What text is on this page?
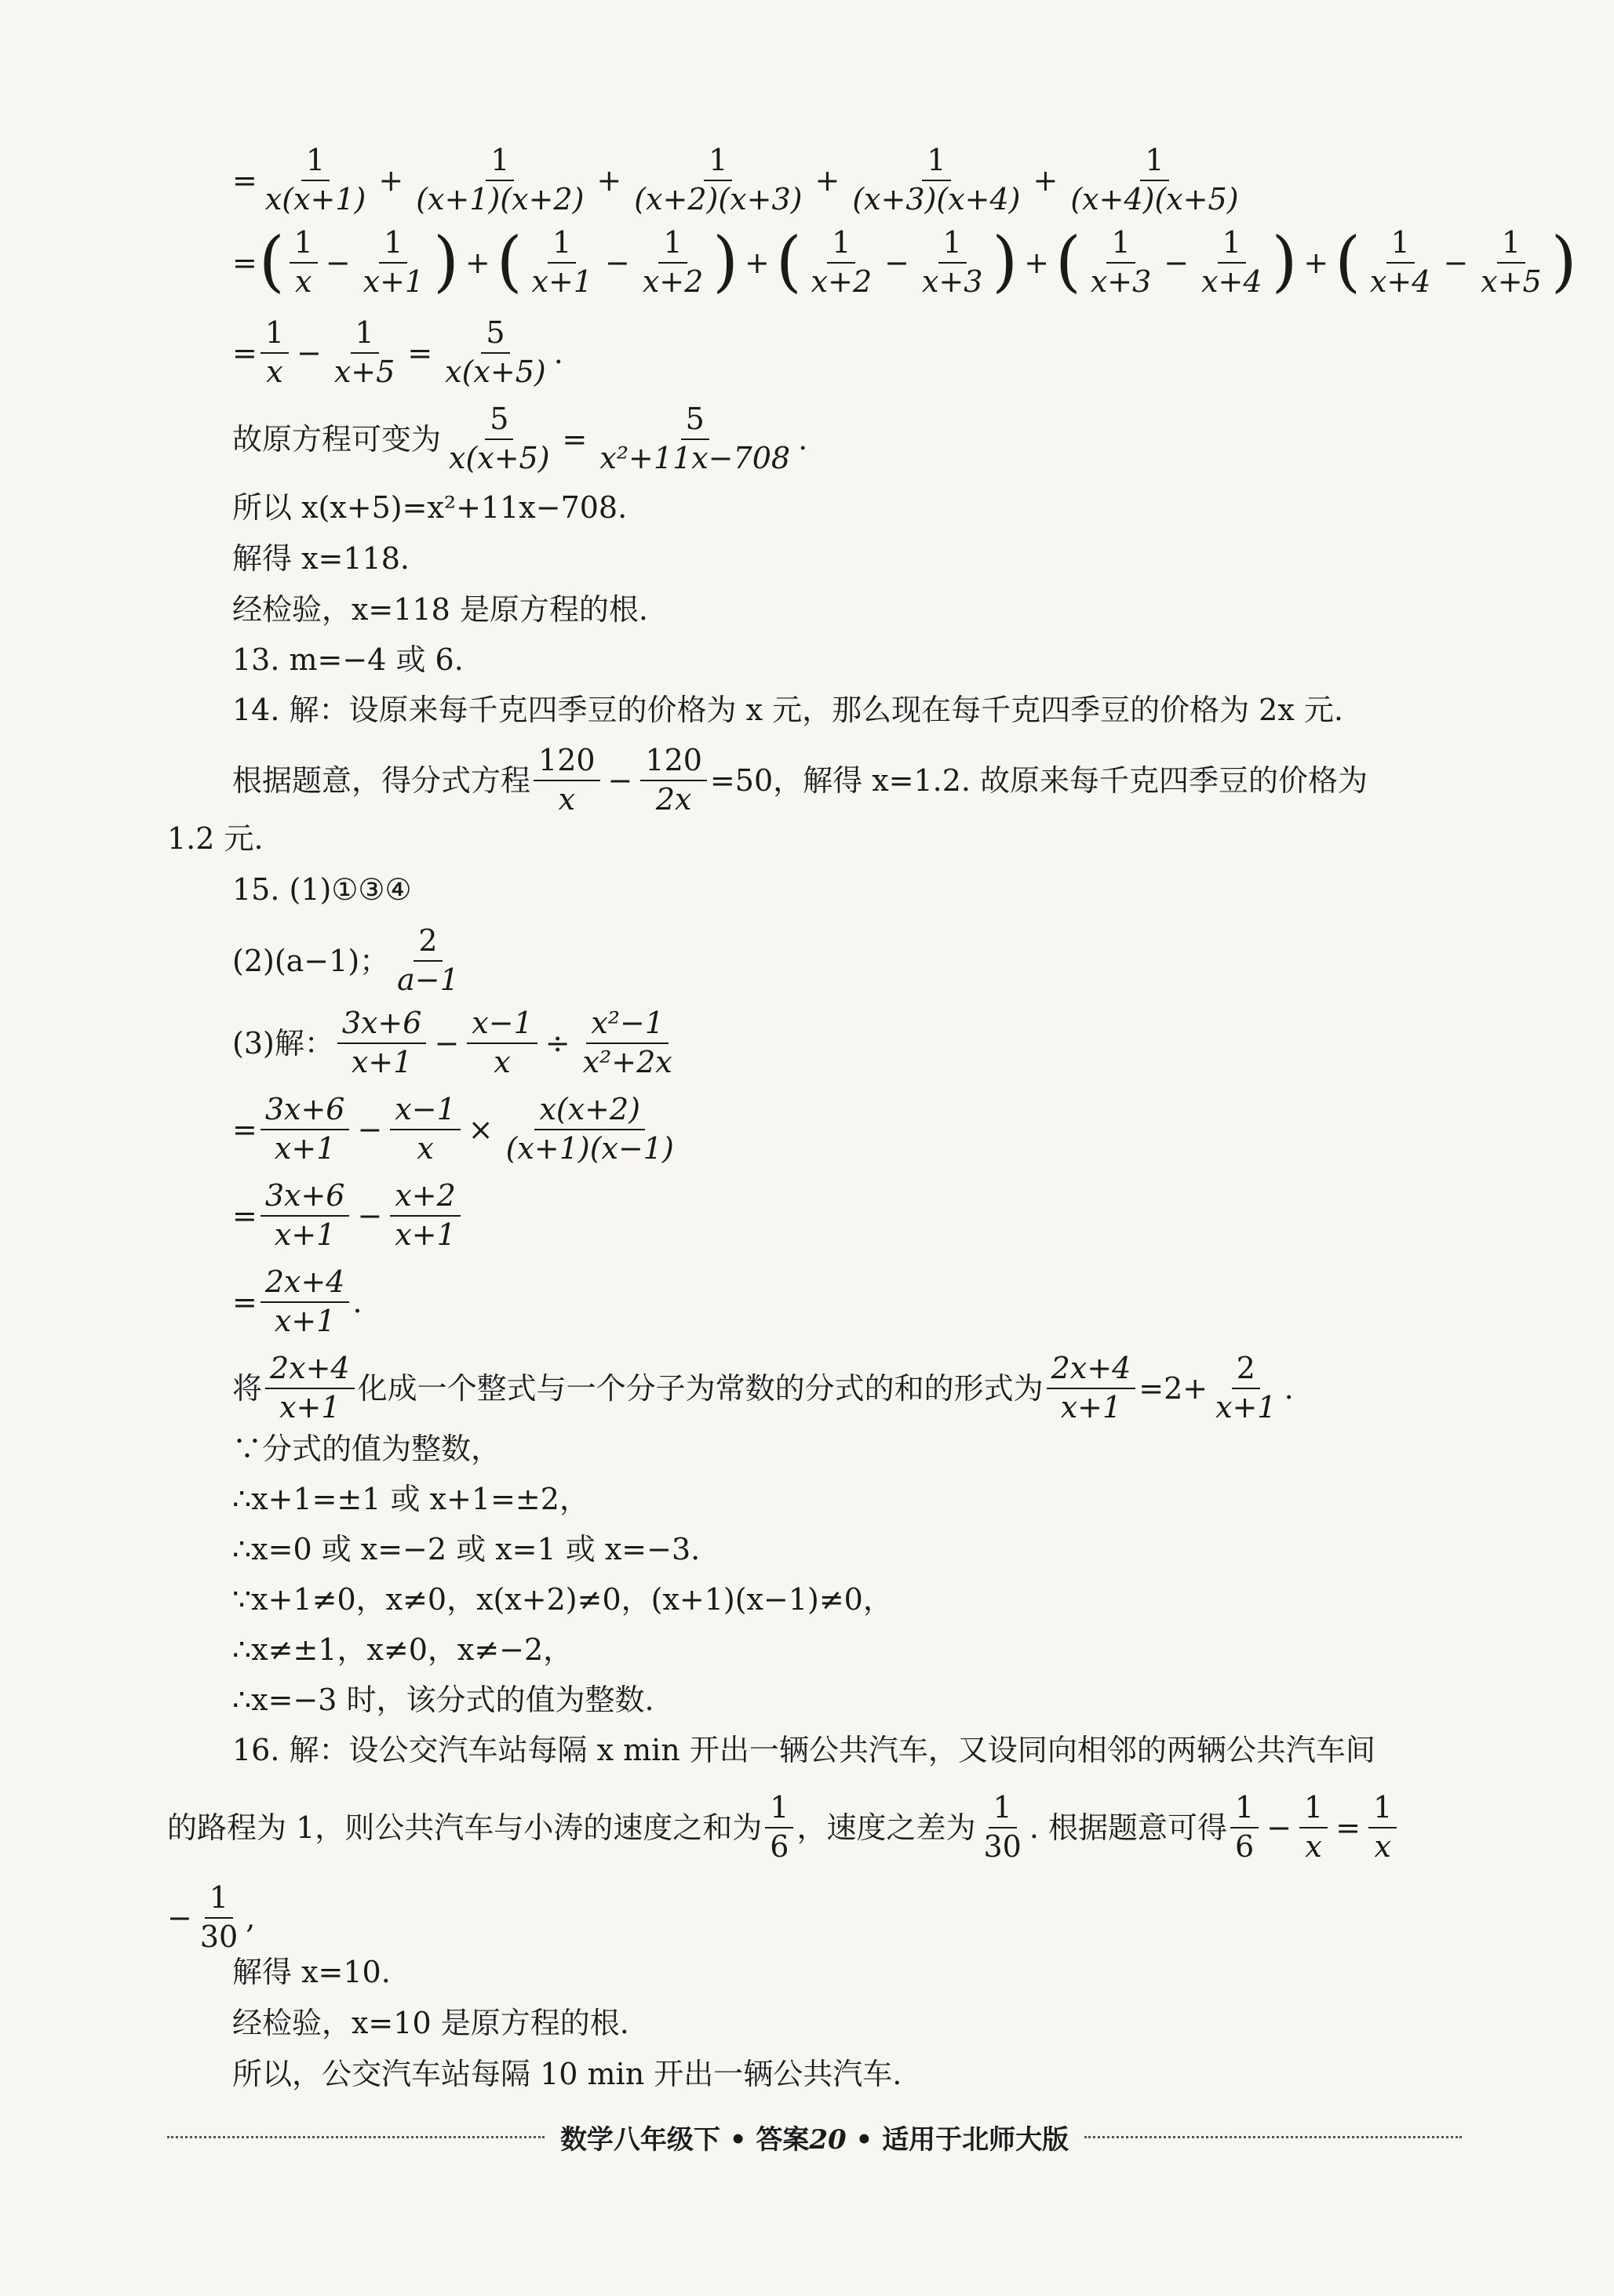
= $\frac{1}{x(x+1)} + \frac{1}{(x+1)(x+2)} + \frac{1}{(x+2)(x+3)} + \frac{1}{(x+3)(x+4)} + \frac{1}{(x+4)(x+5)}$
= ( $\frac{1}{x} - \frac{1}{x+1}$ ) + ( $\frac{1}{x+1} - \frac{1}{x+2}$ ) + ( $\frac{1}{x+2} - \frac{1}{x+3}$ ) + ( $\frac{1}{x+3} - \frac{1}{x+4}$ ) + ( $\frac{1}{x+4} - \frac{1}{x+5}$ )
= $\frac{1}{x} - \frac{1}{x+5} = \frac{5}{x(x+5)}$ .
故原方程可变为 $\frac{5}{x(x+5)} = \frac{5}{\text{x²+11x−708}}$ .
所以 x(x+5)=x²+11x−708.
解得 x=118.
经检验，x=118 是原方程的根.
13. m=−4 或 6.
14. 解：设原来每千克四季豆的价格为 x 元，那么现在每千克四季豆的价格为 2x 元.
根据题意，得分式方程 $\frac{120}{x} - \frac{120}{2x} =50$，解得 x=1.2. 故原来每千克四季豆的价格为
1.2 元.
15. (1)①③④
(2)(a−1)； $\frac{2}{a-1}$
(3)解： $\frac{3x+6}{x+1} - \frac{x-1}{x} \div \frac{\text{x²−1}}{\text{x²+2x}}$
= $\frac{3x+6}{x+1} - \frac{x-1}{x} \times \frac{x(x+2)}{(x+1)(x-1)}$
= $\frac{3x+6}{x+1} - \frac{x+2}{x+1}$
= $\frac{2x+4}{x+1}$ .
将 $\frac{2x+4}{x+1}$ 化成一个整式与一个分子为常数的分式的和的形式为 $\frac{2x+4}{x+1} =2+ \frac{2}{x+1}$ .
∵分式的值为整数，
∴x+1=±1 或 x+1=±2，
∴x=0 或 x=−2 或 x=1 或 x=−3.
∵x+1≠0，x≠0，x(x+2)≠0，(x+1)(x−1)≠0，
∴x≠±1，x≠0，x≠−2，
∴x=−3 时，该分式的值为整数.
16. 解：设公交汽车站每隔 x min 开出一辆公共汽车，又设同向相邻的两辆公共汽车间
的路程为 1，则公共汽车与小涛的速度之和为 $\frac{1}{6}$ ，速度之差为 $\frac{1}{30}$ . 根据题意可得 $\frac{1}{6} - \frac{1}{x} = \frac{1}{x}$
− $\frac{1}{30}$ ,
解得 x=10.
经检验，x=10 是原方程的根.
所以，公交汽车站每隔 10 min 开出一辆公共汽车.
数学八年级下 • 答案20 • 适用于北师大版
